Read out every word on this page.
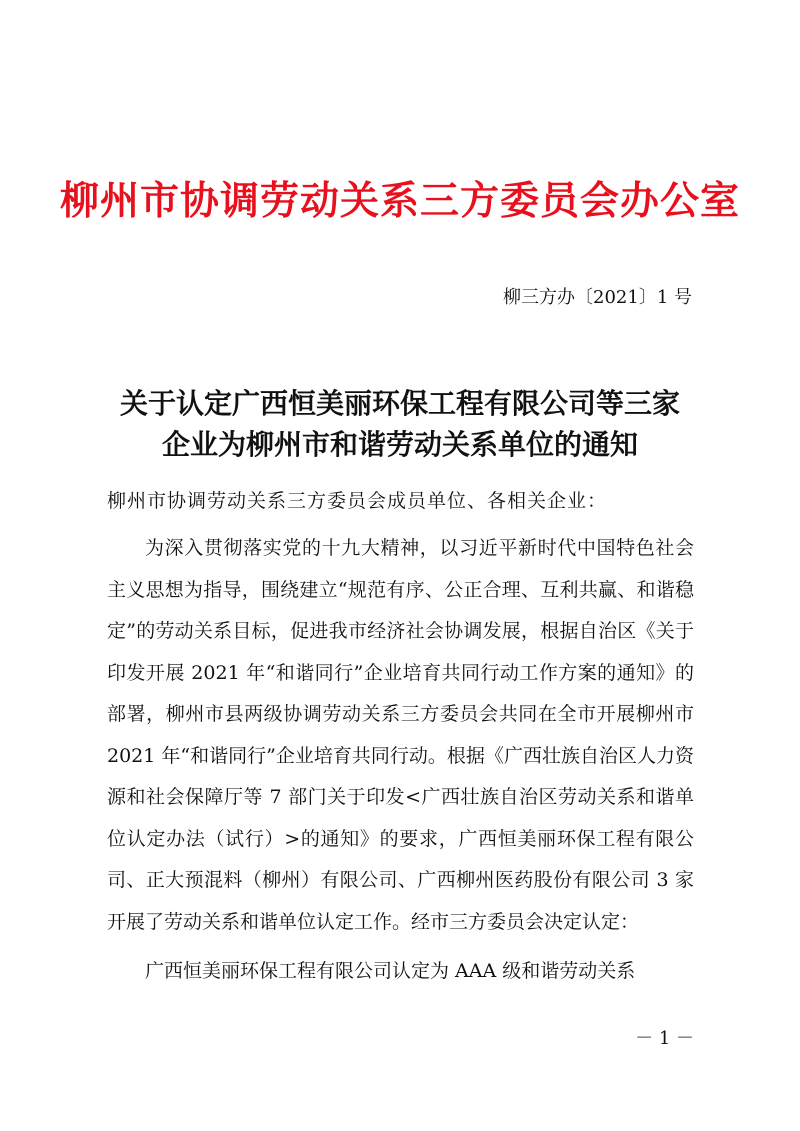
柳州市协调劳动关系三方委员会办公室
柳三方办〔2021〕1 号
关于认定广西恒美丽环保工程有限公司等三家
企业为柳州市和谐劳动关系单位的通知
柳州市协调劳动关系三方委员会成员单位、各相关企业：

为深入贯彻落实党的十九大精神，以习近平新时代中国特色社会主义思想为指导，围绕建立“规范有序、公正合理、互利共赢、和谐稳定”的劳动关系目标，促进我市经济社会协调发展，根据自治区《关于印发开展 2021 年“和谐同行”企业培育共同行动工作方案的通知》的部署，柳州市县两级协调劳动关系三方委员会共同在全市开展柳州市 2021 年“和谐同行”企业培育共同行动。根据《广西壮族自治区人力资源和社会保障厅等 7 部门关于印发<广西壮族自治区劳动关系和谐单位认定办法（试行）>的通知》的要求，广西恒美丽环保工程有限公司、正大预混料（柳州）有限公司、广西柳州医药股份有限公司 3 家开展了劳动关系和谐单位认定工作。经市三方委员会决定认定：

广西恒美丽环保工程有限公司认定为 AAA 级和谐劳动关系

－ 1 －
